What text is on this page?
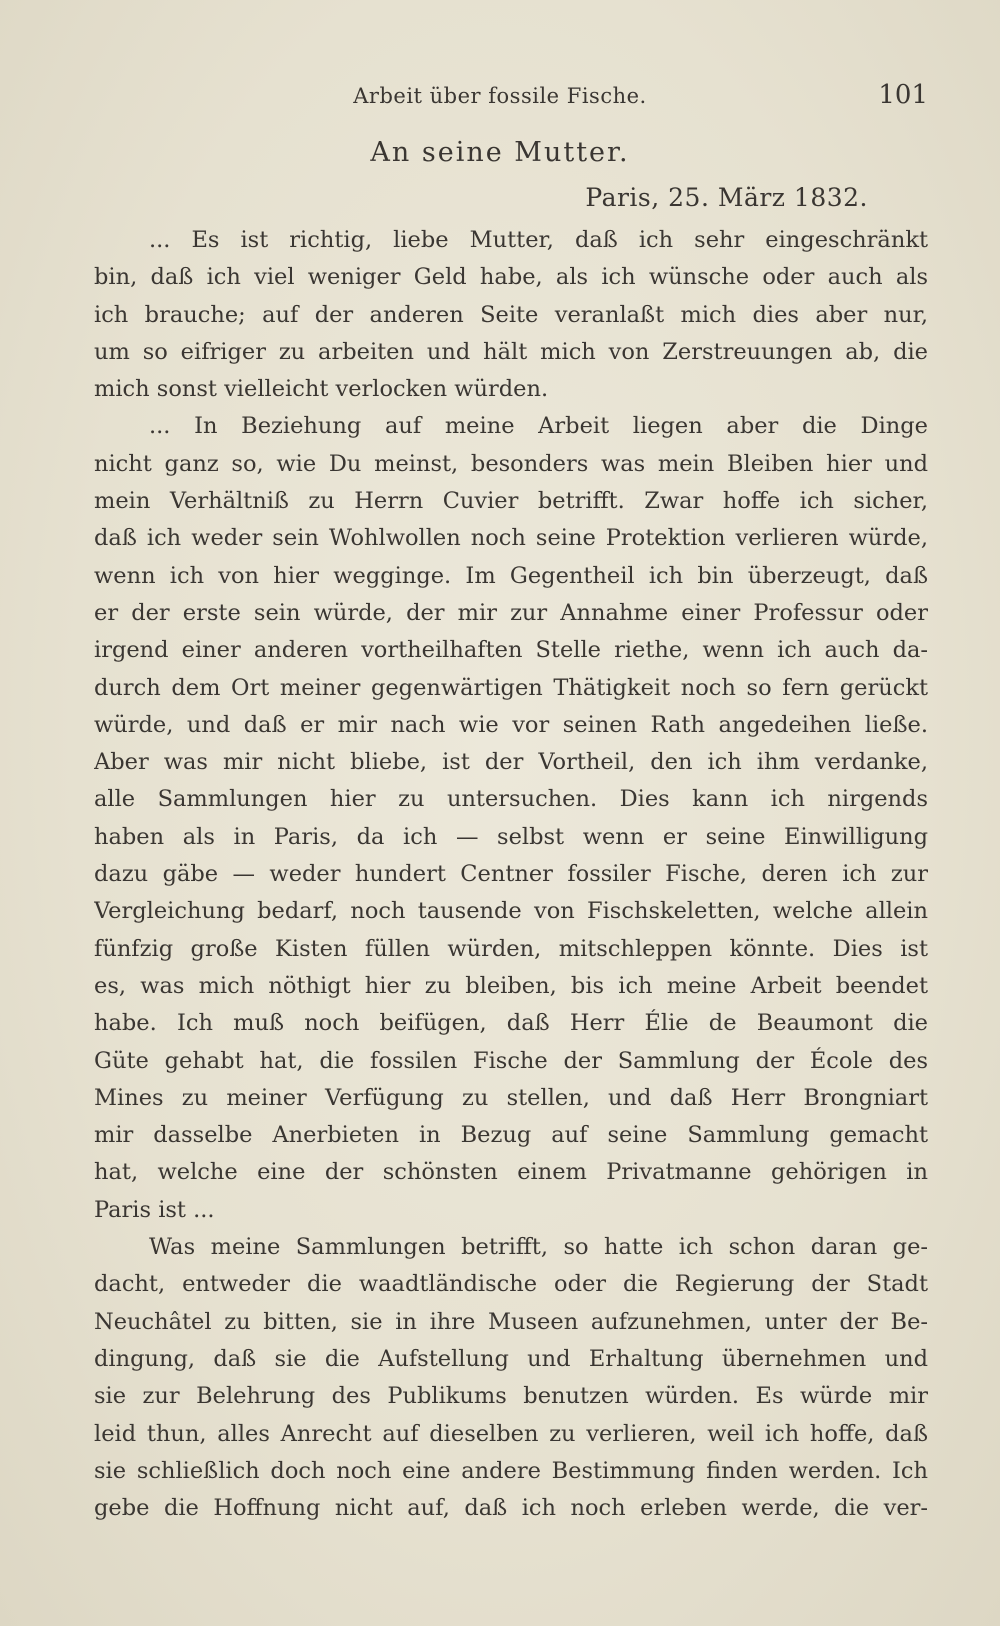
Arbeit über fossile Fische.	101
An seine Mutter.
Paris, 25. März 1832.
... Es ist richtig, liebe Mutter, daß ich sehr eingeschränkt
bin, daß ich viel weniger Geld habe, als ich wünsche oder auch als
ich brauche; auf der anderen Seite veranlaßt mich dies aber nur,
um so eifriger zu arbeiten und hält mich von Zerstreuungen ab, die
mich sonst vielleicht verlocken würden.
... In Beziehung auf meine Arbeit liegen aber die Dinge
nicht ganz so, wie Du meinst, besonders was mein Bleiben hier und
mein Verhältniß zu Herrn Cuvier betrifft. Zwar hoffe ich sicher,
daß ich weder sein Wohlwollen noch seine Protektion verlieren würde,
wenn ich von hier wegginge. Im Gegentheil ich bin überzeugt, daß
er der erste sein würde, der mir zur Annahme einer Professur oder
irgend einer anderen vortheilhaften Stelle riethe, wenn ich auch da-
durch dem Ort meiner gegenwärtigen Thätigkeit noch so fern gerückt
würde, und daß er mir nach wie vor seinen Rath angedeihen ließe.
Aber was mir nicht bliebe, ist der Vortheil, den ich ihm verdanke,
alle Sammlungen hier zu untersuchen. Dies kann ich nirgends
haben als in Paris, da ich — selbst wenn er seine Einwilligung
dazu gäbe — weder hundert Centner fossiler Fische, deren ich zur
Vergleichung bedarf, noch tausende von Fischskeletten, welche allein
fünfzig große Kisten füllen würden, mitschleppen könnte. Dies ist
es, was mich nöthigt hier zu bleiben, bis ich meine Arbeit beendet
habe. Ich muß noch beifügen, daß Herr Élie de Beaumont die
Güte gehabt hat, die fossilen Fische der Sammlung der École des
Mines zu meiner Verfügung zu stellen, und daß Herr Brongniart
mir dasselbe Anerbieten in Bezug auf seine Sammlung gemacht
hat, welche eine der schönsten einem Privatmanne gehörigen in
Paris ist ...
Was meine Sammlungen betrifft, so hatte ich schon daran ge-
dacht, entweder die waadtländische oder die Regierung der Stadt
Neuchâtel zu bitten, sie in ihre Museen aufzunehmen, unter der Be-
dingung, daß sie die Aufstellung und Erhaltung übernehmen und
sie zur Belehrung des Publikums benutzen würden. Es würde mir
leid thun, alles Anrecht auf dieselben zu verlieren, weil ich hoffe, daß
sie schließlich doch noch eine andere Bestimmung finden werden. Ich
gebe die Hoffnung nicht auf, daß ich noch erleben werde, die ver-
